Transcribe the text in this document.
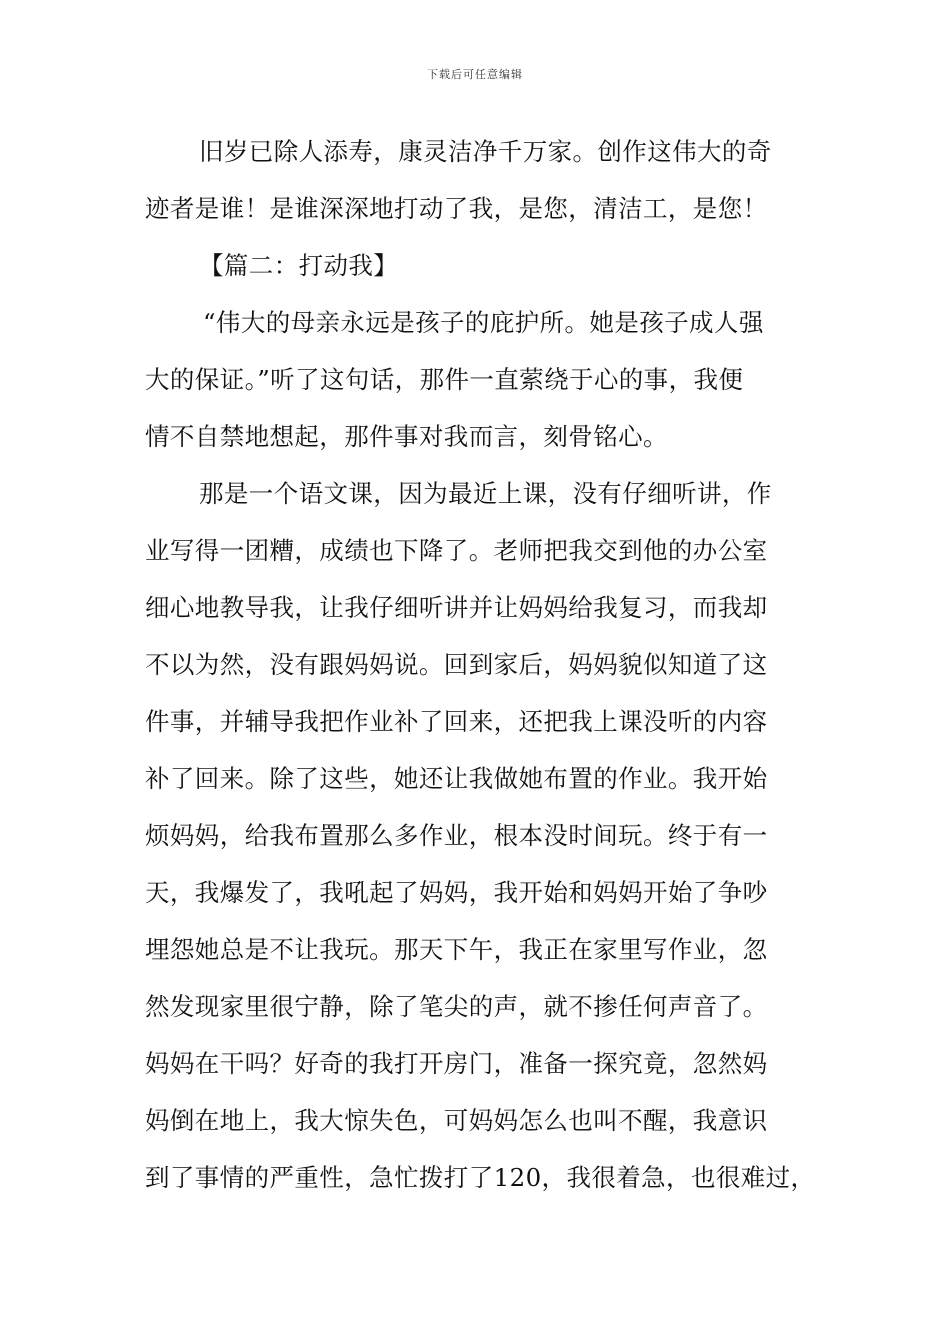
下载后可任意编辑
旧岁已除人添寿，康灵洁净千万家。创作这伟大的奇
迹者是谁！是谁深深地打动了我，是您，清洁工，是您！
【篇二：打动我】
“伟大的母亲永远是孩子的庇护所。她是孩子成人强
大的保证。”听了这句话，那件一直萦绕于心的事，我便
情不自禁地想起，那件事对我而言，刻骨铭心。
那是一个语文课，因为最近上课，没有仔细听讲，作
业写得一团糟，成绩也下降了。老师把我交到他的办公室
细心地教导我，让我仔细听讲并让妈妈给我复习，而我却
不以为然，没有跟妈妈说。回到家后，妈妈貌似知道了这
件事，并辅导我把作业补了回来，还把我上课没听的内容
补了回来。除了这些，她还让我做她布置的作业。我开始
烦妈妈，给我布置那么多作业，根本没时间玩。终于有一
天，我爆发了，我吼起了妈妈，我开始和妈妈开始了争吵
埋怨她总是不让我玩。那天下午，我正在家里写作业，忽
然发现家里很宁静，除了笔尖的声，就不掺任何声音了。
妈妈在干吗？好奇的我打开房门，准备一探究竟，忽然妈
妈倒在地上，我大惊失色，可妈妈怎么也叫不醒，我意识
到了事情的严重性，急忙拨打了120，我很着急，也很难过，
